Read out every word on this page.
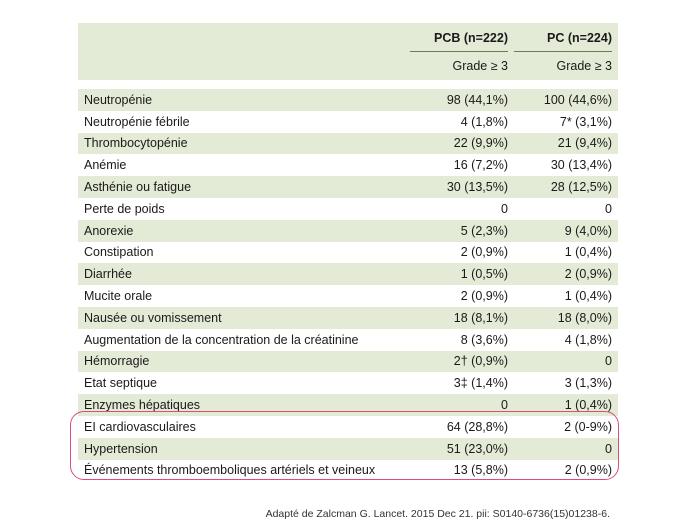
	PCB (n=222)	PC (n=224)

	Grade ≥ 3	Grade ≥ 3

Neutropénie	98 (44,1%)	100 (44,6%)
Neutropénie fébrile	4 (1,8%)	7* (3,1%)
Thrombocytopénie	22 (9,9%)	21 (9,4%)
Anémie	16 (7,2%)	30 (13,4%)
Asthénie ou fatigue	30 (13,5%)	28 (12,5%)
Perte de poids	0	0
Anorexie	5 (2,3%)	9 (4,0%)
Constipation	2 (0,9%)	1 (0,4%)
Diarrhée	1 (0,5%)	2 (0,9%)
Mucite orale	2 (0,9%)	1 (0,4%)
Nausée ou vomissement	18 (8,1%)	18 (8,0%)
Augmentation de la concentration de la créatinine	8 (3,6%)	4 (1,8%)
Hémorragie	2† (0,9%)	0
Etat septique	3‡ (1,4%)	3 (1,3%)
Enzymes hépatiques	0	1 (0,4%)
EI cardiovasculaires	64 (28,8%)	2 (0-9%)
Hypertension	51 (23,0%)	0
Événements thromboemboliques artériels et veineux	13 (5,8%)	2 (0,9%)
Adapté de Zalcman G. Lancet. 2015 Dec 21. pii: S0140-6736(15)01238-6.
